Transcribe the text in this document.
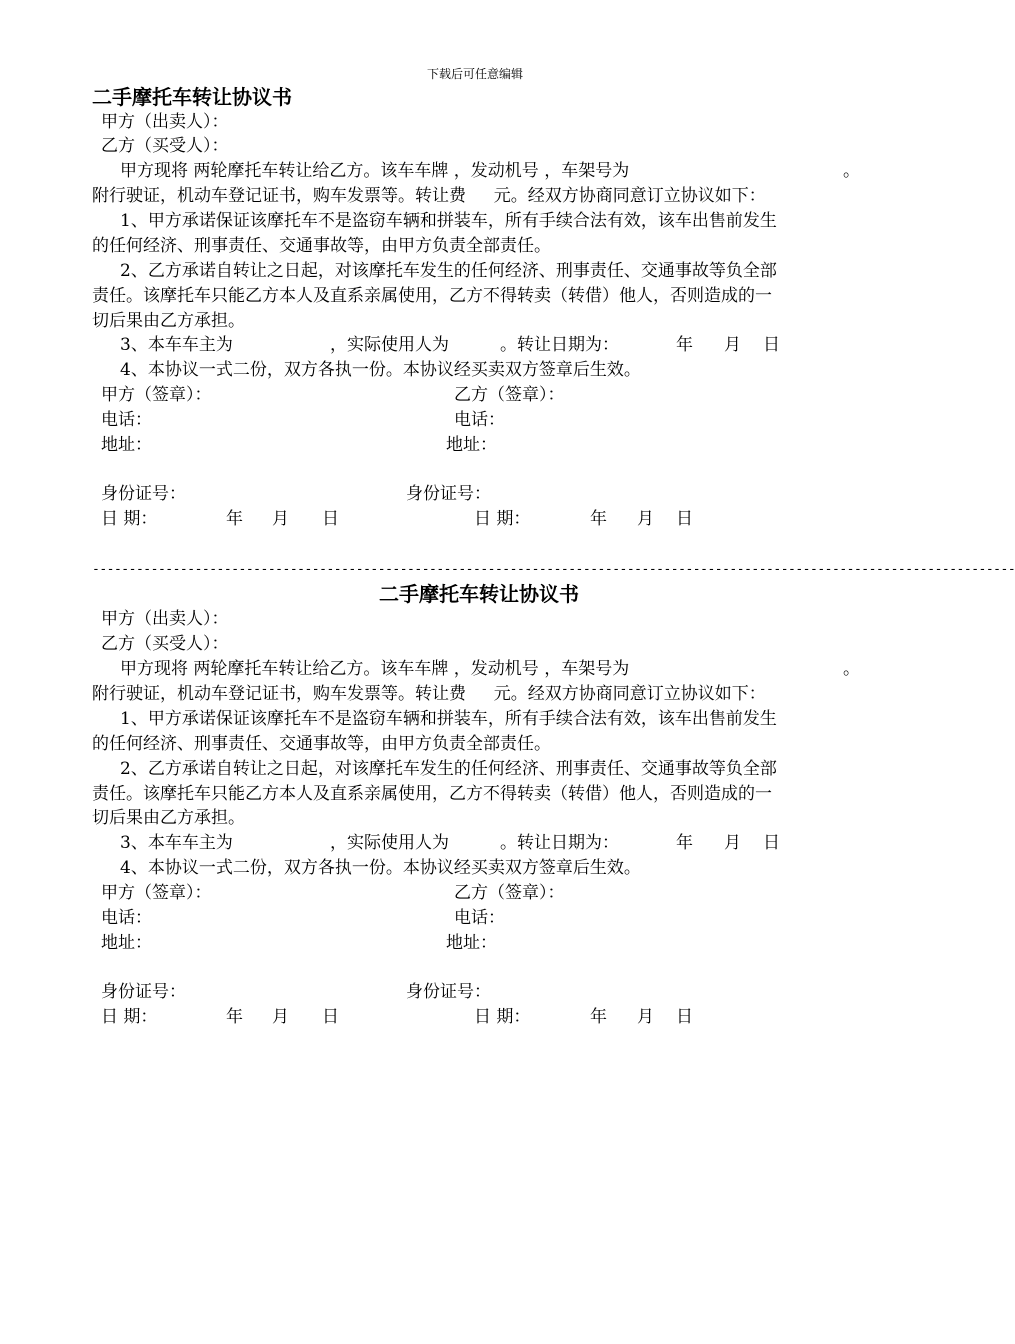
下载后可任意编辑
二手摩托车转让协议书
甲方（出卖人）：
乙方（买受人）：
甲方现将 两轮摩托车转让给乙方。该车车牌 ，发动机号 ，车架号为	。
附行驶证，机动车登记证书，购车发票等。转让费 　 元。经双方协商同意订立协议如下：
1、甲方承诺保证该摩托车不是盗窃车辆和拼装车，所有手续合法有效，该车出售前发生
的任何经济、刑事责任、交通事故等，由甲方负责全部责任。
2、乙方承诺自转让之日起，对该摩托车发生的任何经济、刑事责任、交通事故等负全部
责任。该摩托车只能乙方本人及直系亲属使用，乙方不得转卖（转借）他人，否则造成的一
切后果由乙方承担。
3、本车车主为	，实际使用人为	。转让日期为：	年 月 日
4、本协议一式二份，双方各执一份。本协议经买卖双方签章后生效。
甲方（签章）：	乙方（签章）：
电话：	电话：
地址：	地址：
身份证号：	身份证号：
日 期：	年 月 日	日 期：	年 月 日
------------------------------------------------------------------------------------------------------------------------------
二手摩托车转让协议书
甲方（出卖人）：
乙方（买受人）：
甲方现将 两轮摩托车转让给乙方。该车车牌 ，发动机号 ，车架号为	。
附行驶证，机动车登记证书，购车发票等。转让费 　 元。经双方协商同意订立协议如下：
1、甲方承诺保证该摩托车不是盗窃车辆和拼装车，所有手续合法有效，该车出售前发生
的任何经济、刑事责任、交通事故等，由甲方负责全部责任。
2、乙方承诺自转让之日起，对该摩托车发生的任何经济、刑事责任、交通事故等负全部
责任。该摩托车只能乙方本人及直系亲属使用，乙方不得转卖（转借）他人，否则造成的一
切后果由乙方承担。
3、本车车主为	，实际使用人为	。转让日期为：	年 月 日
4、本协议一式二份，双方各执一份。本协议经买卖双方签章后生效。
甲方（签章）：	乙方（签章）：
电话：	电话：
地址：	地址：
身份证号：	身份证号：
日 期：	年 月 日	日 期：	年 月 日
